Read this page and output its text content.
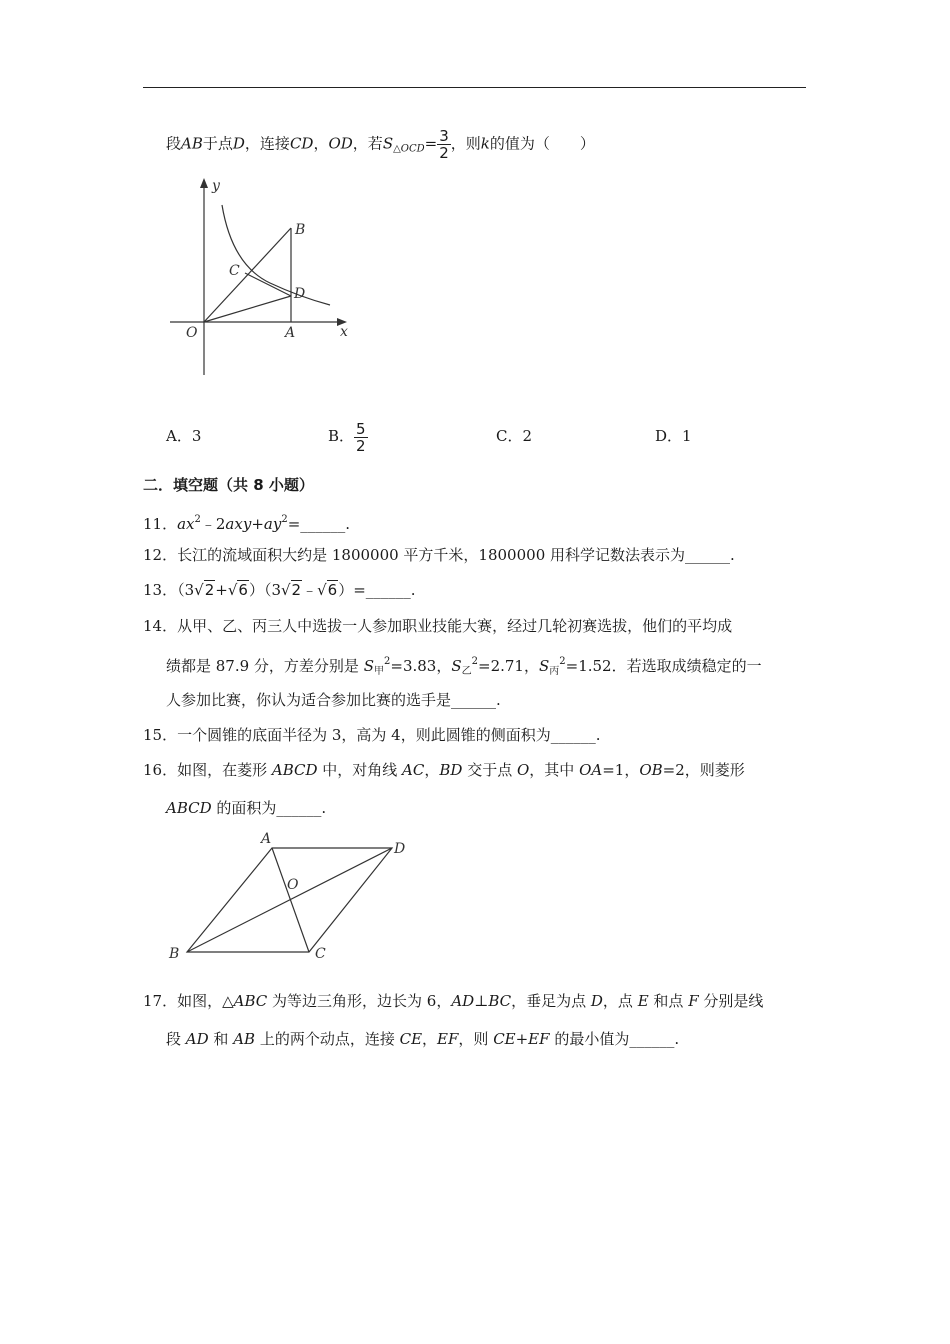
段AB于点D，连接CD，OD，若$S_{\triangle OCD}= \frac{3}{2}$ ，则k的值为（　　）
y
x
O	A
B
C
D
A．3	B． $\frac{5}{2}$	C．2	D．1
二．填空题（共 8 小题）
11．$ax^2﹣2axy+ay^2=\_\_\_\_\_\_$.
12．长江的流域面积大约是 1800000 平方千米，1800000 用科学记数法表示为______.
13．（3√2+√6）（3√2﹣√6）=______.
14．从甲、乙、丙三人中选拔一人参加职业技能大赛，经过几轮初赛选拔，他们的平均成
绩都是 87.9 分，方差分别是 $S_甲^2=3.83$，$S_乙^2=2.71$，$S_丙^2=1.52$．若选取成绩稳定的一
人参加比赛，你认为适合参加比赛的选手是______.
15．一个圆锥的底面半径为 3，高为 4，则此圆锥的侧面积为______.
16．如图，在菱形 ABCD 中，对角线 AC，BD 交于点 O，其中 OA=1，OB=2，则菱形
ABCD 的面积为______.
A
D
O
B	C
17．如图，△ABC 为等边三角形，边长为 6，AD⊥BC，垂足为点 D，点 E 和点 F 分别是线
段 AD 和 AB 上的两个动点，连接 CE，EF，则 CE+EF 的最小值为______.
